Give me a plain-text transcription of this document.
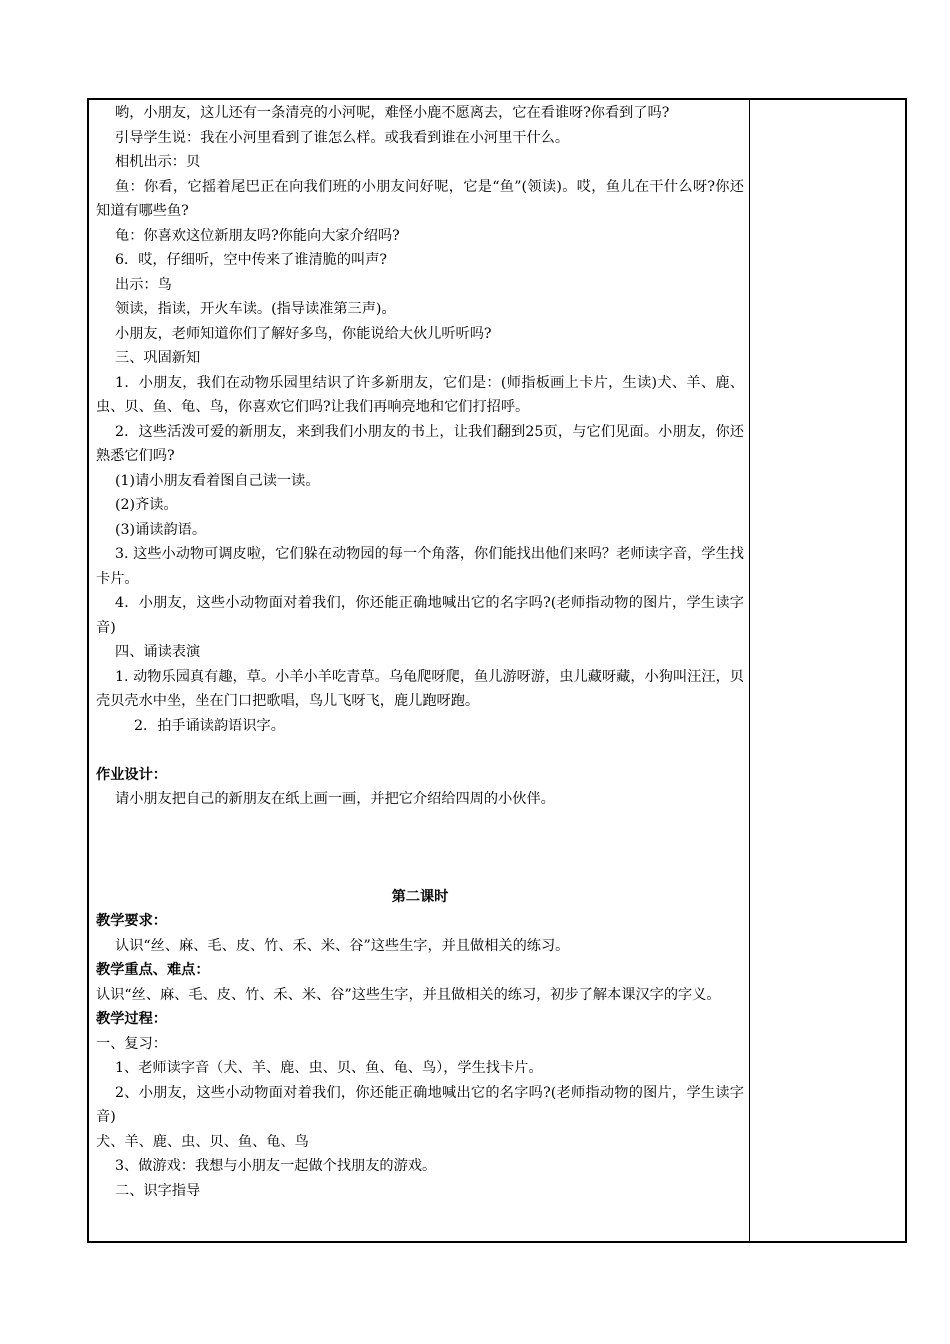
哟，小朋友，这儿还有一条清亮的小河呢，难怪小鹿不愿离去，它在看谁呀?你看到了吗?

引导学生说：我在小河里看到了谁怎么样。或我看到谁在小河里干什么。

相机出示：贝

鱼：你看，它摇着尾巴正在向我们班的小朋友问好呢，它是“鱼”(领读)。哎，鱼儿在干什么呀?你还知道有哪些鱼?

龟：你喜欢这位新朋友吗?你能向大家介绍吗?

6．哎，仔细听，空中传来了谁清脆的叫声?

出示：鸟

领读，指读，开火车读。(指导读准第三声)。

小朋友，老师知道你们了解好多鸟，你能说给大伙儿听听吗?

三、巩固新知

1．小朋友，我们在动物乐园里结识了许多新朋友，它们是：(师指板画上卡片，生读)犬、羊、鹿、虫、贝、鱼、龟、鸟，你喜欢它们吗?让我们再响亮地和它们打招呼。

2．这些活泼可爱的新朋友，来到我们小朋友的书上，让我们翻到25页，与它们见面。小朋友，你还熟悉它们吗?

(1)请小朋友看着图自己读一读。

(2)齐读。

(3)诵读韵语。

3. 这些小动物可调皮啦，它们躲在动物园的每一个角落，你们能找出他们来吗？老师读字音，学生找卡片。

4．小朋友，这些小动物面对着我们，你还能正确地喊出它的名字吗?(老师指动物的图片，学生读字音)

四、诵读表演

1. 动物乐园真有趣，草。小羊小羊吃青草。乌龟爬呀爬，鱼儿游呀游，虫儿藏呀藏，小狗叫汪汪，贝壳贝壳水中坐，坐在门口把歌唱，鸟儿飞呀飞，鹿儿跑呀跑。

2．拍手诵读韵语识字。

作业设计：

请小朋友把自己的新朋友在纸上画一画，并把它介绍给四周的小伙伴。

第二课时

教学要求：

认识“丝、麻、毛、皮、竹、禾、米、谷”这些生字，并且做相关的练习。

教学重点、难点：

认识“丝、麻、毛、皮、竹、禾、米、谷”这些生字，并且做相关的练习，初步了解本课汉字的字义。

教学过程：

一、复习：

1、老师读字音（犬、羊、鹿、虫、贝、鱼、龟、鸟），学生找卡片。

2、小朋友，这些小动物面对着我们，你还能正确地喊出它的名字吗?(老师指动物的图片，学生读字音)

犬、羊、鹿、虫、贝、鱼、龟、鸟

3、做游戏：我想与小朋友一起做个找朋友的游戏。

二、识字指导
